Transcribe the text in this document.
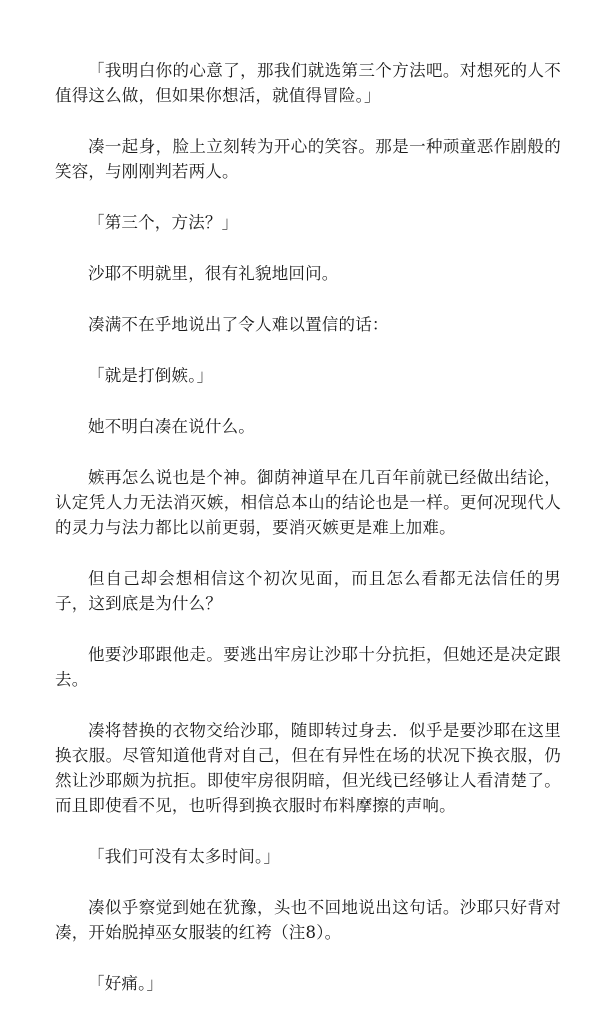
「我明白你的心意了，那我们就选第三个方法吧。对想死的人不值得这么做，但如果你想活，就值得冒险。」

凑一起身，脸上立刻转为开心的笑容。那是一种顽童恶作剧般的笑容，与刚刚判若两人。

「第三个，方法？」

沙耶不明就里，很有礼貌地回问。

凑满不在乎地说出了令人难以置信的话：

「就是打倒嫉。」

她不明白凑在说什么。

嫉再怎么说也是个神。御荫神道早在几百年前就已经做出结论，认定凭人力无法消灭嫉，相信总本山的结论也是一样。更何况现代人的灵力与法力都比以前更弱，要消灭嫉更是难上加难。

但自己却会想相信这个初次见面，而且怎么看都无法信任的男子，这到底是为什么？

他要沙耶跟他走。要逃出牢房让沙耶十分抗拒，但她还是决定跟去。

凑将替换的衣物交给沙耶，随即转过身去．似乎是要沙耶在这里换衣服。尽管知道他背对自己，但在有异性在场的状况下换衣服，仍然让沙耶颇为抗拒。即使牢房很阴暗，但光线已经够让人看清楚了。而且即使看不见，也听得到换衣服时布料摩擦的声响。

「我们可没有太多时间。」

凑似乎察觉到她在犹豫，头也不回地说出这句话。沙耶只好背对凑，开始脱掉巫女服装的红袴（注8）。

「好痛。」
